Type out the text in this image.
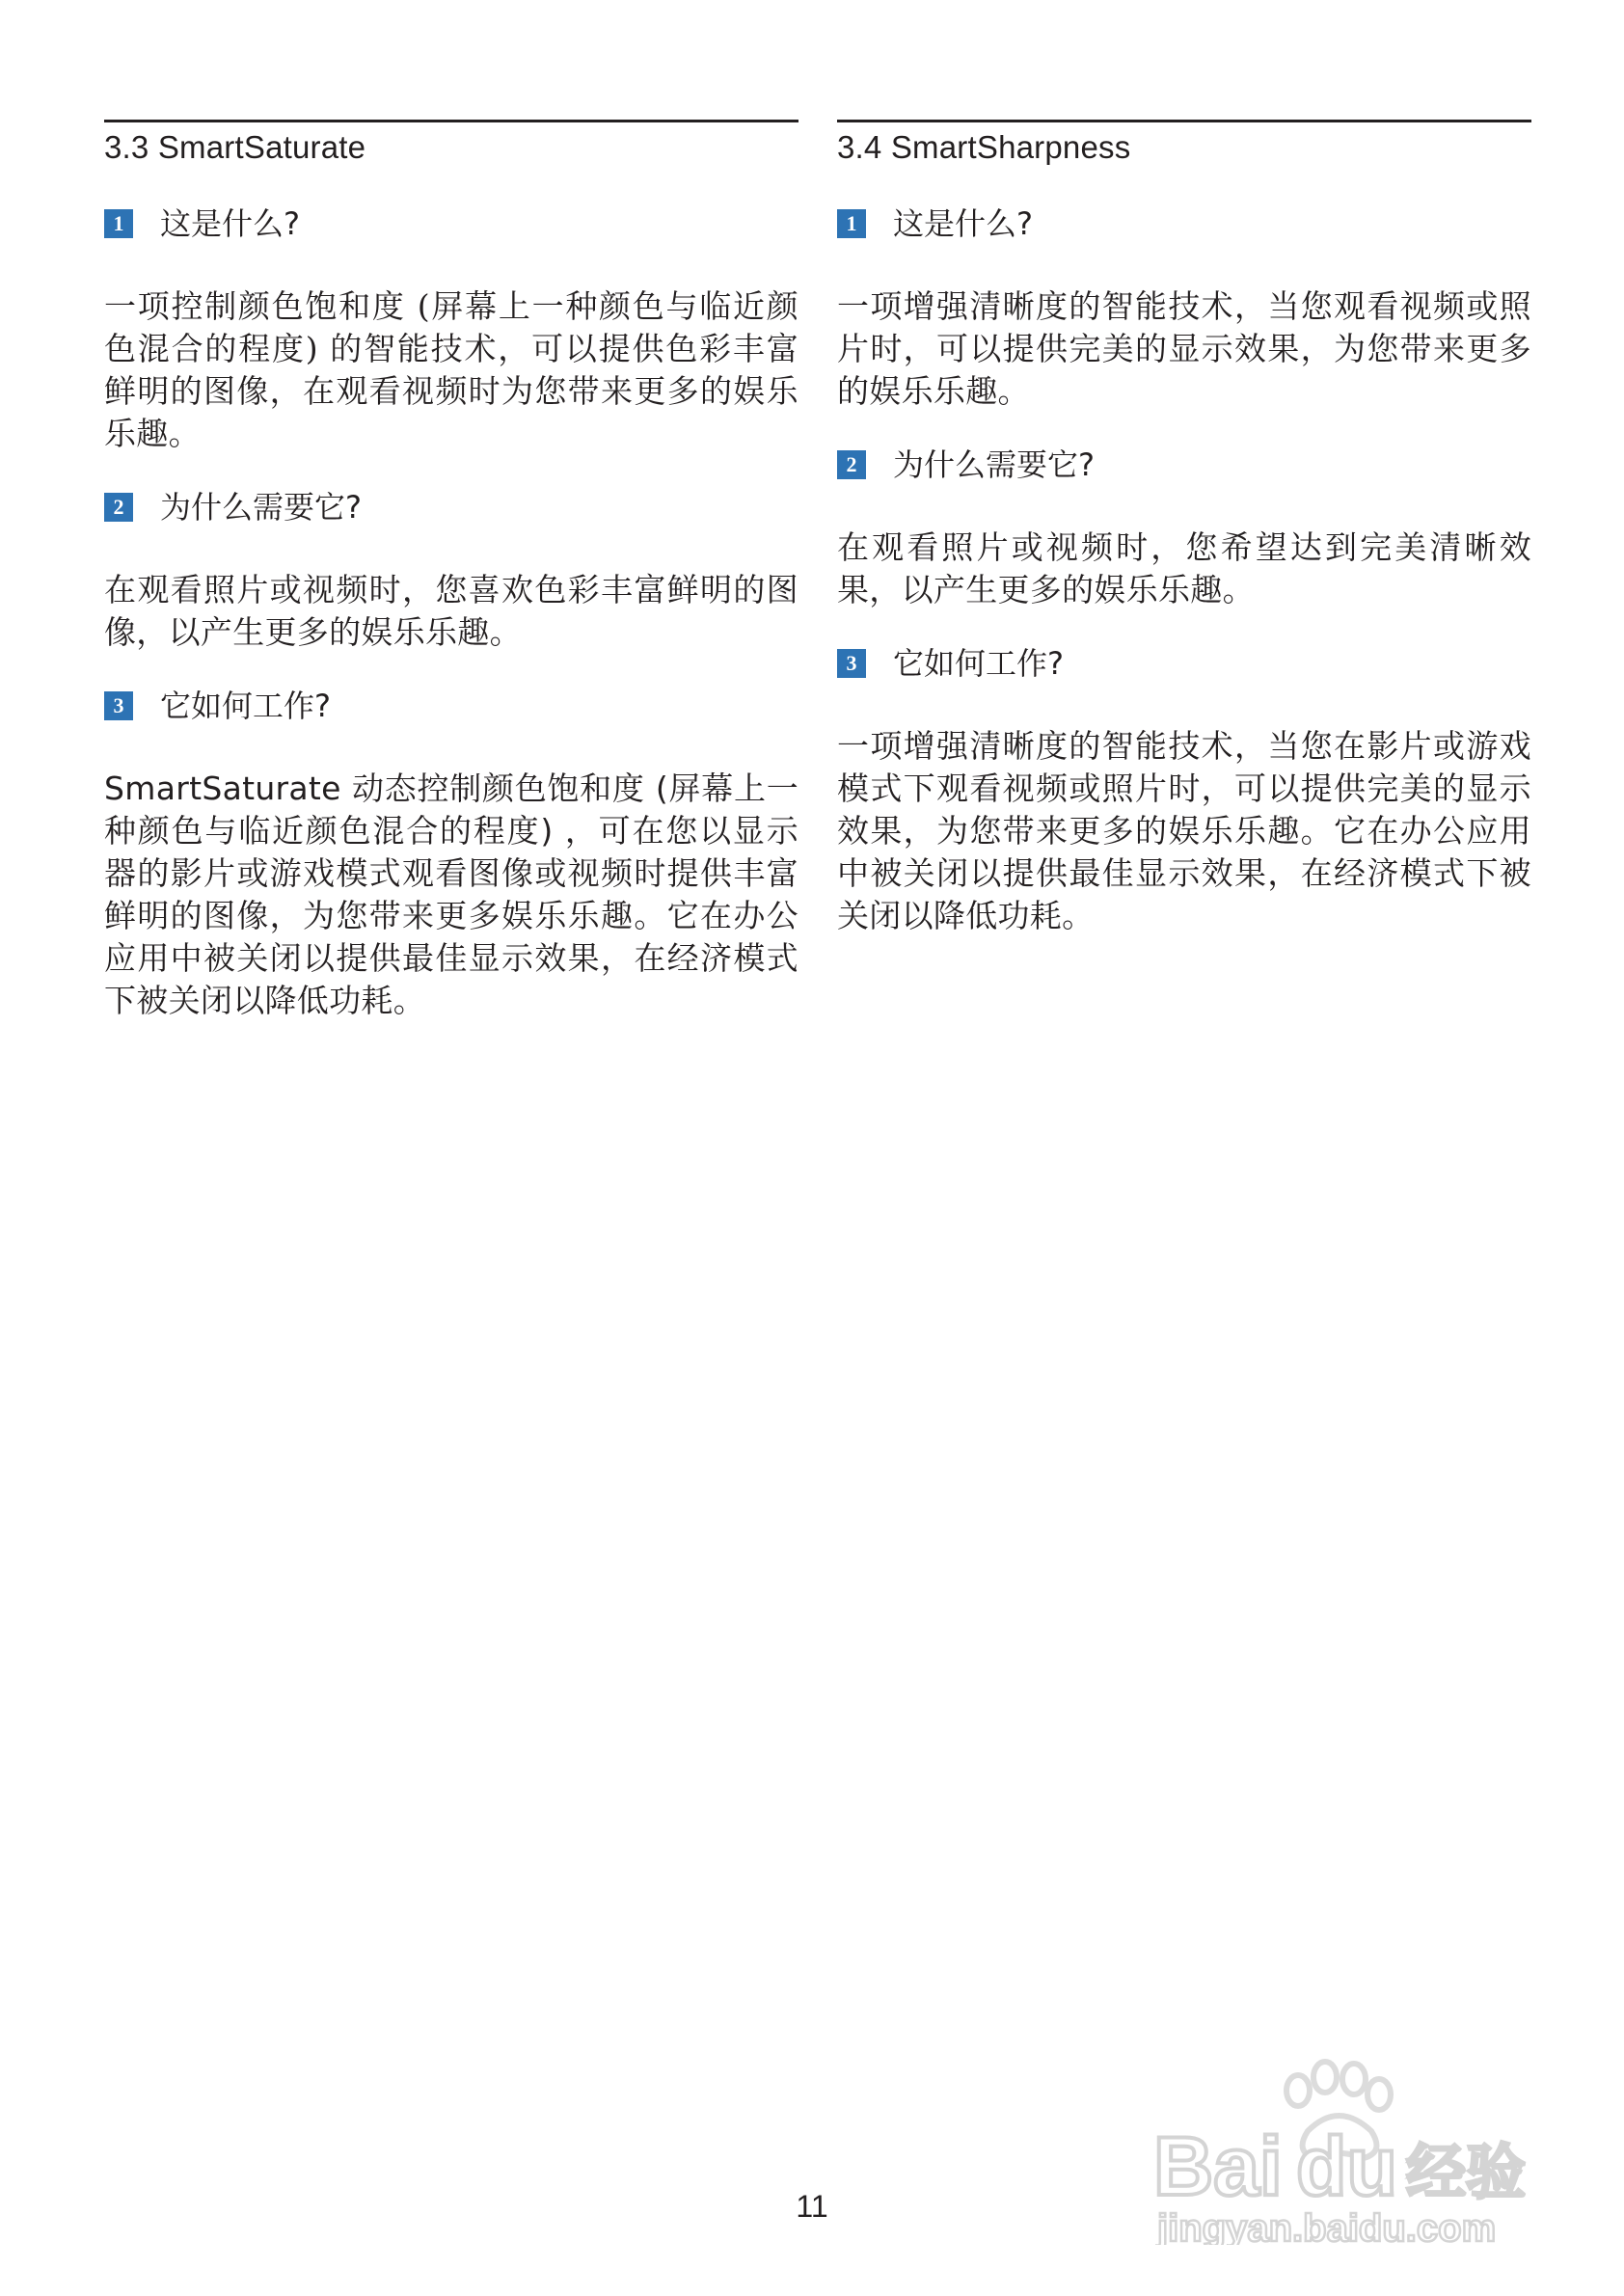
3.3 SmartSaturate
1 这是什么?

一项控制颜色饱和度 (屏幕上一种颜色与临近颜色混合的程度) 的智能技术，可以提供色彩丰富鲜明的图像，在观看视频时为您带来更多的娱乐乐趣。

2 为什么需要它?

在观看照片或视频时，您喜欢色彩丰富鲜明的图像，以产生更多的娱乐乐趣。

3 它如何工作?

SmartSaturate 动态控制颜色饱和度 (屏幕上一种颜色与临近颜色混合的程度) ，可在您以显示器的影片或游戏模式观看图像或视频时提供丰富鲜明的图像，为您带来更多娱乐乐趣。它在办公应用中被关闭以提供最佳显示效果，在经济模式下被关闭以降低功耗。

3.4 SmartSharpness
1 这是什么?

一项增强清晰度的智能技术，当您观看视频或照片时，可以提供完美的显示效果，为您带来更多的娱乐乐趣。

2 为什么需要它?

在观看照片或视频时，您希望达到完美清晰效果，以产生更多的娱乐乐趣。

3 它如何工作?

一项增强清晰度的智能技术，当您在影片或游戏模式下观看视频或照片时，可以提供完美的显示效果，为您带来更多的娱乐乐趣。它在办公应用中被关闭以提供最佳显示效果，在经济模式下被关闭以降低功耗。

11	Bai du 经验
jingyan.baidu.com
